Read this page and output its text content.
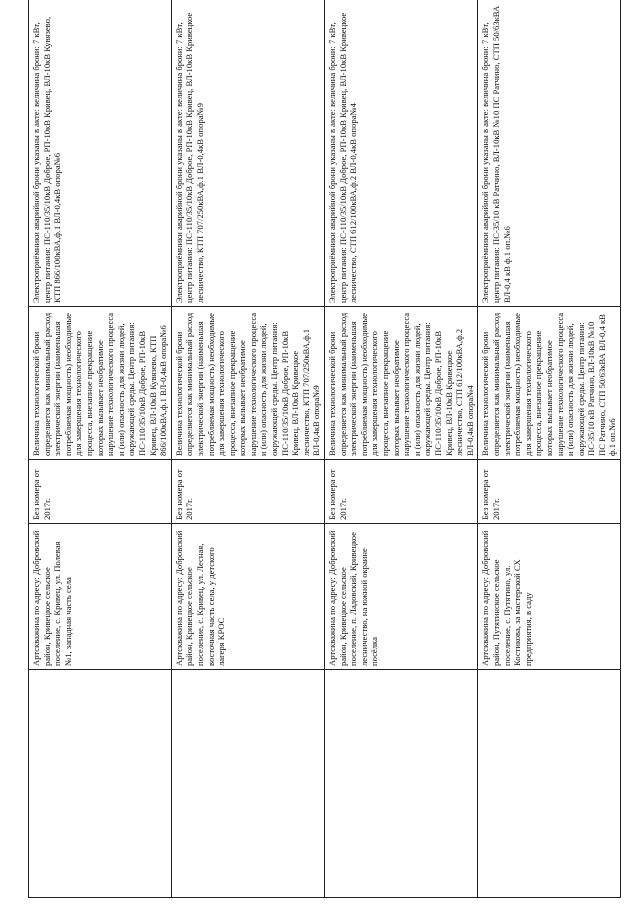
	Артскважина по адресу: Добровский район, Кривецкое сельское поселение, с. Кривец, ул. Полевая №1, западная часть села	Без номера от 2017г.	Величина технологической брони определяется как минимальный расход электрической энергии (наименьшая потребляемая мощность) необходимые для завершения технологического процесса, внезапное прекращение которых вызывает необратимое нарушение технологического процесса и (или) опасность для жизни людей, окружающей среды. Центр питания: ПС-110/35/10кВ Доброе, РП-10кВ Кривец, ВЛ-10кВ Кувязево, КТП 866/100кВА,ф.1 ВЛ-0,4кВ опора№6	Электроприёмники аварийной брони указаны в акте: величина брони: 7 кВт, центр питания: ПС-110/35/10кВ Доброе, РП-10кВ Кривец, ВЛ-10кВ Кувязево, КТП 866/100кВА,ф.1 ВЛ-0,4кВ опора№6
	Артскважина по адресу: Добровский район, Кривецкое сельское поселение, с. Кривец, ул. Лесная, восточная часть села, у детского лагеря КРОС	Без номера от 2017г.	Величина технологической брони определяется как минимальный расход электрической энергии (наименьшая потребляемая мощность) необходимые для завершения технологического процесса, внезапное прекращение которых вызывает необратимое нарушение технологического процесса и (или) опасность для жизни людей, окружающей среды. Центр питания: ПС-110/35/10кВ Доброе, РП-10кВ Кривец, ВЛ-10кВ Кривецкое лесничество, КТП 707/250кВА,ф.1 ВЛ-0,4кВ опора№9	Электроприёмники аварийной брони указаны в акте: величина брони: 7 кВт, центр питания: ПС-110/35/10кВ Доброе, РП-10кВ Кривец, ВЛ-10кВ Кривецкое лесничество, КТП 707/250кВА,ф.1 ВЛ-0,4кВ опора№9
	Артскважина по адресу: Добровский район, Кривецкое сельское поселение, п. Ладовский, Кривецкое лесничество, на южной окраине посёлка	Без номера от 2017г.	Величина технологической брони определяется как минимальный расход электрической энергии (наименьшая потребляемая мощность) необходимые для завершения технологического процесса, внезапное прекращение которых вызывает необратимое нарушение технологического процесса и (или) опасность для жизни людей, окружающей среды. Центр питания: ПС-110/35/10кВ Доброе, РП-10кВ Кривец, ВЛ-10кВ Кривецкое лесничество, СТП 612/100кВА,ф.2 ВЛ-0,4кВ опора№4	Электроприёмники аварийной брони указаны в акте: величина брони: 7 кВт, центр питания: ПС-110/35/10кВ Доброе, РП-10кВ Кривец, ВЛ-10кВ Кривецкое лесничество, СТП 612/100кВА,ф.2 ВЛ-0,4кВ опора№4
	Артскважина по адресу: Добровский район, Путятинское сельское поселение, с. Путятино, ул. Костикова, за мастерской СХ предприятия, в саду	Без номера от 2017г.	Величина технологической брони определяется как минимальный расход электрической энергии (наименьшая потребляемая мощность) необходимые для завершения технологического процесса, внезапное прекращение которых вызывает необратимое нарушение технологического процесса и (или) опасность для жизни людей, окружающей среды. Центр питания: ПС-35/10 кВ Ратчино, ВЛ-10кВ №10 ПС Ратчино, СТП 50/63кВА ВЛ-0,4 кВ ф.1 оп.№6	Электроприёмники аварийной брони указаны в акте: величина брони: 7 кВт, центр питания: ПС-35/10 кВ Ратчино, ВЛ-10кВ №10 ПС Ратчино, СТП 50/63кВА ВЛ-0,4 кВ ф.1 оп.№6
